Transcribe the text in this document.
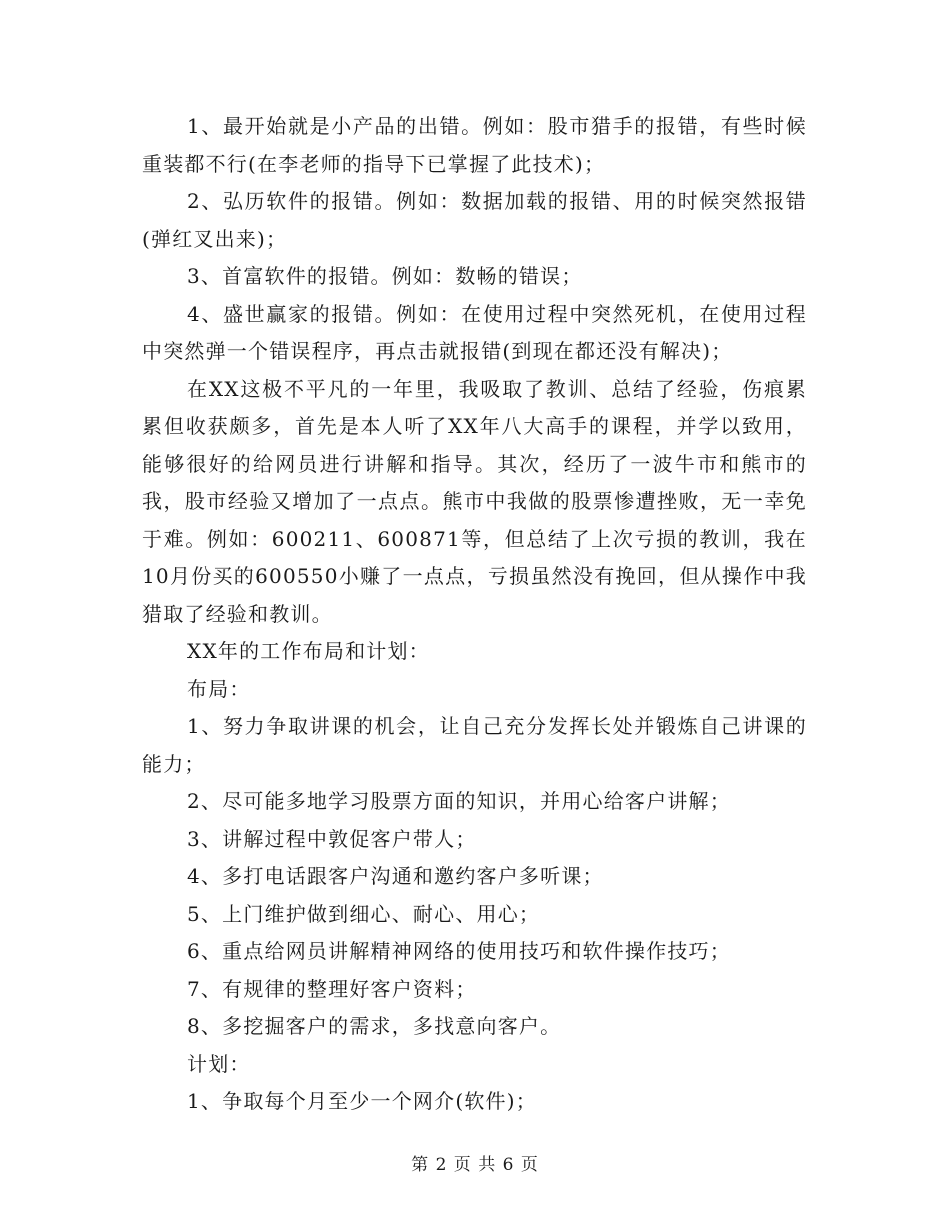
1、最开始就是小产品的出错。例如：股市猎手的报错，有些时候重装都不行(在李老师的指导下已掌握了此技术)；

2、弘历软件的报错。例如：数据加载的报错、用的时候突然报错(弹红叉出来)；

3、首富软件的报错。例如：数畅的错误；

4、盛世赢家的报错。例如：在使用过程中突然死机，在使用过程中突然弹一个错误程序，再点击就报错(到现在都还没有解决)；

在XX这极不平凡的一年里，我吸取了教训、总结了经验，伤痕累累但收获颇多，首先是本人听了XX年八大高手的课程，并学以致用，能够很好的给网员进行讲解和指导。其次，经历了一波牛市和熊市的我，股市经验又增加了一点点。熊市中我做的股票惨遭挫败，无一幸免于难。例如：600211、600871等，但总结了上次亏损的教训，我在10月份买的600550小赚了一点点，亏损虽然没有挽回，但从操作中我猎取了经验和教训。

XX年的工作布局和计划：

布局：

1、努力争取讲课的机会，让自己充分发挥长处并锻炼自己讲课的能力；

2、尽可能多地学习股票方面的知识，并用心给客户讲解；

3、讲解过程中敦促客户带人；

4、多打电话跟客户沟通和邀约客户多听课；

5、上门维护做到细心、耐心、用心；

6、重点给网员讲解精神网络的使用技巧和软件操作技巧；

7、有规律的整理好客户资料；

8、多挖掘客户的需求，多找意向客户。

计划：

1、争取每个月至少一个网介(软件)；

第 2 页 共 6 页
